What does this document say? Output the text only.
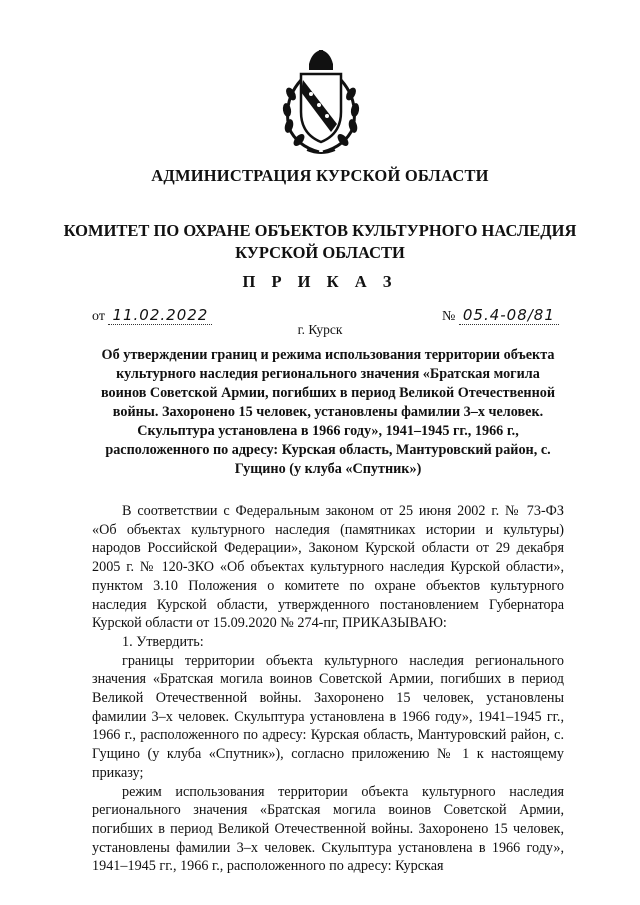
АДМИНИСТРАЦИЯ КУРСКОЙ ОБЛАСТИ
КОМИТЕТ ПО ОХРАНЕ ОБЪЕКТОВ КУЛЬТУРНОГО НАСЛЕДИЯ
КУРСКОЙ ОБЛАСТИ
П Р И К А З
от 11.02.2022	№ 05.4-08/81
г. Курск
Об утверждении границ и режима использования территории объекта культурного наследия регионального значения «Братская могила воинов Советской Армии, погибших в период Великой Отечественной войны. Захоронено 15 человек, установлены фамилии 3–х человек. Скульптура установлена в 1966 году», 1941–1945 гг., 1966 г., расположенного по адресу: Курская область, Мантуровский район, с. Гущино (у клуба «Спутник»)

В соответствии с Федеральным законом от 25 июня 2002 г. № 73-ФЗ «Об объектах культурного наследия (памятниках истории и культуры) народов Российской Федерации», Законом Курской области от 29 декабря 2005 г. № 120-ЗКО «Об объектах культурного наследия Курской области», пунктом 3.10 Положения о комитете по охране объектов культурного наследия Курской области, утвержденного постановлением Губернатора Курской области от 15.09.2020 № 274-пг, ПРИКАЗЫВАЮ:

1. Утвердить:

границы территории объекта культурного наследия регионального значения «Братская могила воинов Советской Армии, погибших в период Великой Отечественной войны. Захоронено 15 человек, установлены фамилии 3–х человек. Скульптура установлена в 1966 году», 1941–1945 гг., 1966 г., расположенного по адресу: Курская область, Мантуровский район, с. Гущино (у клуба «Спутник»), согласно приложению № 1 к настоящему приказу;

режим использования территории объекта культурного наследия регионального значения «Братская могила воинов Советской Армии, погибших в период Великой Отечественной войны. Захоронено 15 человек, установлены фамилии 3–х человек. Скульптура установлена в 1966 году», 1941–1945 гг., 1966 г., расположенного по адресу: Курская
